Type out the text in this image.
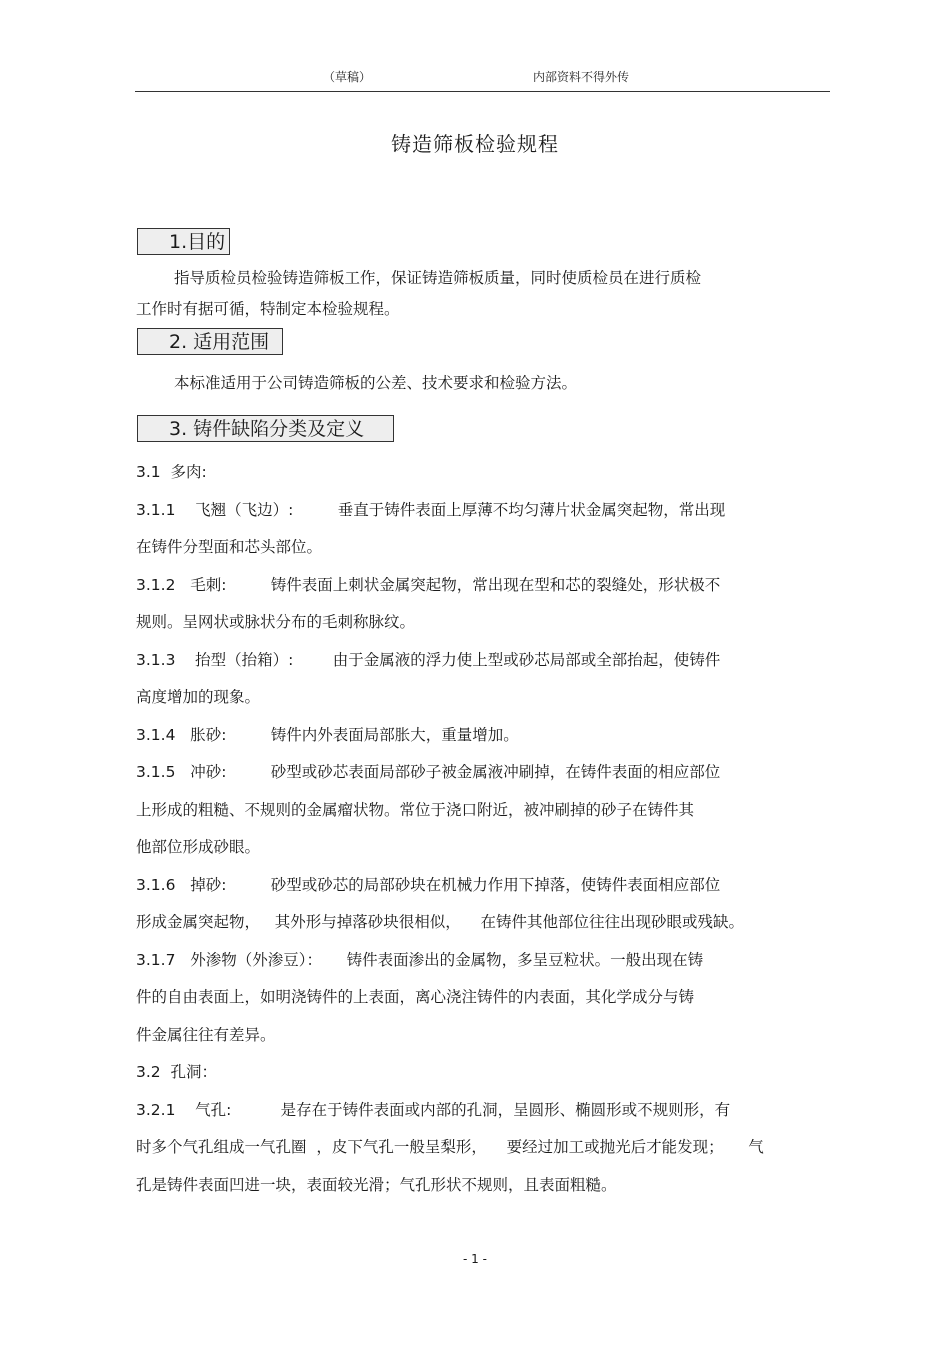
（草稿）	内部资料不得外传
铸造筛板检验规程
1.目的
指导质检员检验铸造筛板工作，保证铸造筛板质量，同时使质检员在进行质检
工作时有据可循，特制定本检验规程。
2. 适用范围
本标准适用于公司铸造筛板的公差、技术要求和检验方法。
3. 铸件缺陷分类及定义
3.1  多肉:
3.1.1    飞翘（飞边）:         垂直于铸件表面上厚薄不均匀薄片状金属突起物，常出现
在铸件分型面和芯头部位。
3.1.2   毛刺:         铸件表面上刺状金属突起物，常出现在型和芯的裂缝处，形状极不
规则。呈网状或脉状分布的毛刺称脉纹。
3.1.3    抬型（抬箱）:        由于金属液的浮力使上型或砂芯局部或全部抬起，使铸件
高度增加的现象。
3.1.4   胀砂:         铸件内外表面局部胀大，重量增加。
3.1.5   冲砂:         砂型或砂芯表面局部砂子被金属液冲刷掉，在铸件表面的相应部位
上形成的粗糙、不规则的金属瘤状物。常位于浇口附近，被冲刷掉的砂子在铸件其
他部位形成砂眼。
3.1.6   掉砂:         砂型或砂芯的局部砂块在机械力作用下掉落，使铸件表面相应部位
形成金属突起物，   其外形与掉落砂块很相似，    在铸件其他部位往往出现砂眼或残缺。
3.1.7   外渗物（外渗豆）：     铸件表面渗出的金属物，多呈豆粒状。一般出现在铸
件的自由表面上，如明浇铸件的上表面，离心浇注铸件的内表面，其化学成分与铸
件金属往往有差异。
3.2  孔洞：
3.2.1    气孔:          是存在于铸件表面或内部的孔洞，呈圆形、椭圆形或不规则形，有
时多个气孔组成一气孔圈  ，皮下气孔一般呈梨形，    要经过加工或抛光后才能发现；     气
孔是铸件表面凹进一块，表面较光滑；气孔形状不规则，且表面粗糙。
- 1 -
